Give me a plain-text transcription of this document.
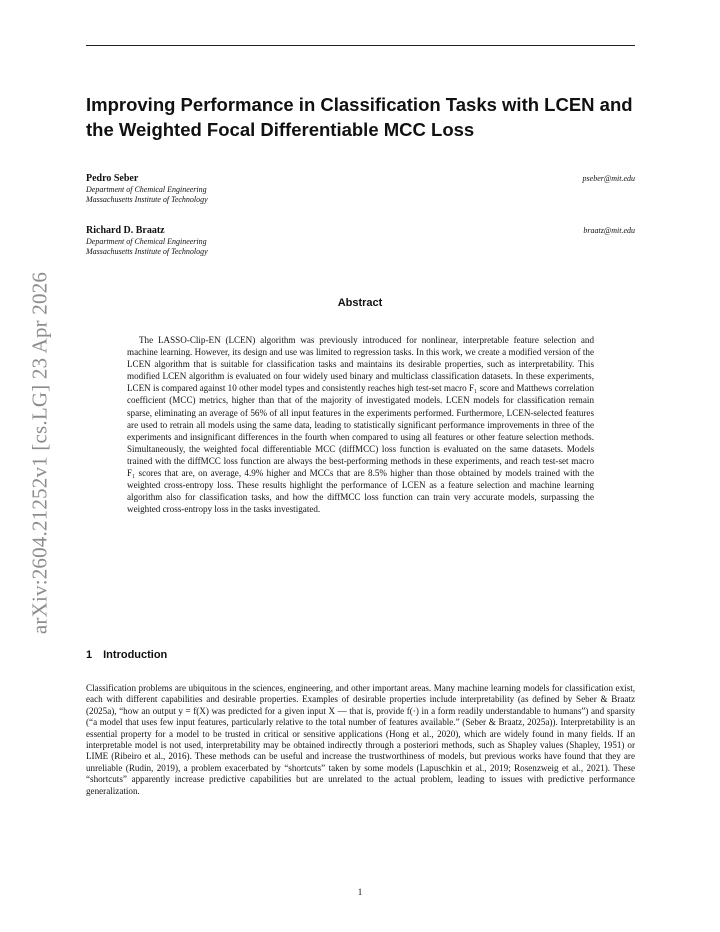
arXiv:2604.21252v1 [cs.LG] 23 Apr 2026
Improving Performance in Classification Tasks with LCEN and the Weighted Focal Differentiable MCC Loss
Pedro Seber
Department of Chemical Engineering
Massachusetts Institute of Technology
pseber@mit.edu
Richard D. Braatz
Department of Chemical Engineering
Massachusetts Institute of Technology
braatz@mit.edu
Abstract

The LASSO-Clip-EN (LCEN) algorithm was previously introduced for nonlinear, interpretable feature selection and machine learning. However, its design and use was limited to regression tasks. In this work, we create a modified version of the LCEN algorithm that is suitable for classification tasks and maintains its desirable properties, such as interpretability. This modified LCEN algorithm is evaluated on four widely used binary and multiclass classification datasets. In these experiments, LCEN is compared against 10 other model types and consistently reaches high test-set macro F₁ score and Matthews correlation coefficient (MCC) metrics, higher than that of the majority of investigated models. LCEN models for classification remain sparse, eliminating an average of 56% of all input features in the experiments performed. Furthermore, LCEN-selected features are used to retrain all models using the same data, leading to statistically significant performance improvements in three of the experiments and insignificant differences in the fourth when compared to using all features or other feature selection methods. Simultaneously, the weighted focal differentiable MCC (diffMCC) loss function is evaluated on the same datasets. Models trained with the diffMCC loss function are always the best-performing methods in these experiments, and reach test-set macro F₁ scores that are, on average, 4.9% higher and MCCs that are 8.5% higher than those obtained by models trained with the weighted cross-entropy loss. These results highlight the performance of LCEN as a feature selection and machine learning algorithm also for classification tasks, and how the diffMCC loss function can train very accurate models, surpassing the weighted cross-entropy loss in the tasks investigated.

1 Introduction

Classification problems are ubiquitous in the sciences, engineering, and other important areas. Many machine learning models for classification exist, each with different capabilities and desirable properties. Examples of desirable properties include interpretability (as defined by Seber & Braatz (2025a), “how an output y = f(X) was predicted for a given input X — that is, provide f(·) in a form readily understandable to humans”) and sparsity (“a model that uses few input features, particularly relative to the total number of features available.” (Seber & Braatz, 2025a)). Interpretability is an essential property for a model to be trusted in critical or sensitive applications (Hong et al., 2020), which are widely found in many fields. If an interpretable model is not used, interpretability may be obtained indirectly through a posteriori methods, such as Shapley values (Shapley, 1951) or LIME (Ribeiro et al., 2016). These methods can be useful and increase the trustworthiness of models, but previous works have found that they are unreliable (Rudin, 2019), a problem exacerbated by “shortcuts” taken by some models (Lapuschkin et al., 2019; Rosenzweig et al., 2021). These “shortcuts” apparently increase predictive capabilities but are unrelated to the actual problem, leading to issues with predictive performance generalization.

1
